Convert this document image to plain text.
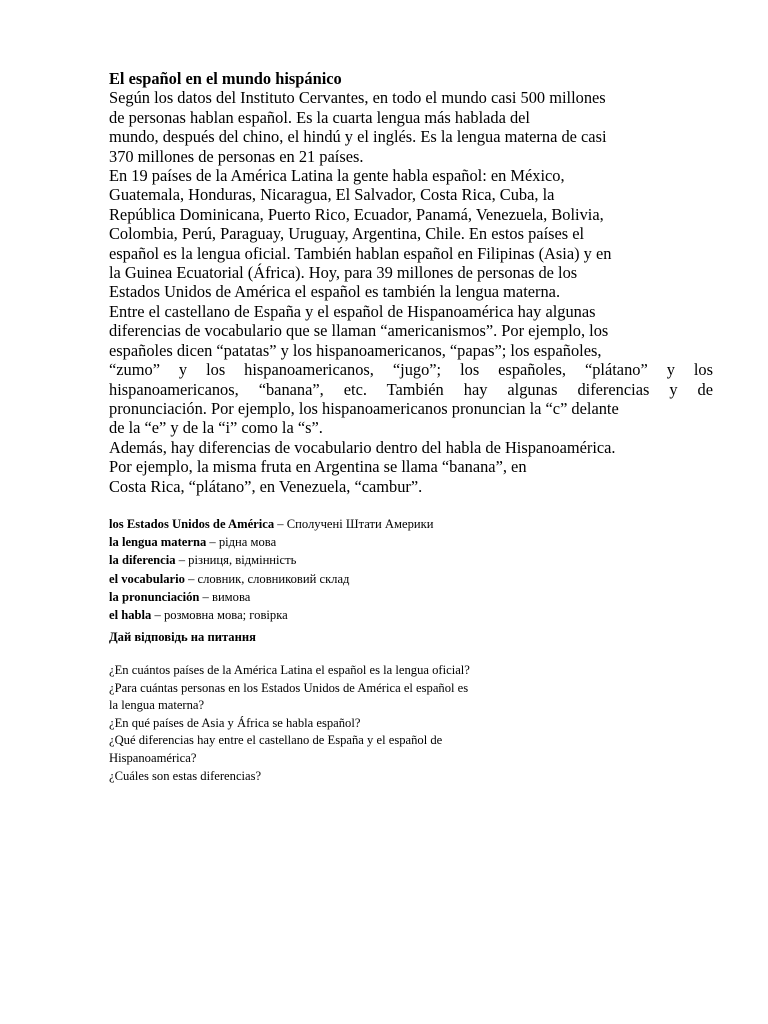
El español en el mundo hispánico

Según los datos del Instituto Cervantes, en todo el mundo casi 500 millones
de personas hablan español. Es la cuarta lengua más hablada del
mundo, después del chino, el hindú y el inglés. Es la lengua materna de casi
370 millones de personas en 21 países.
En 19 países de la América Latina la gente habla español: en México,
Guatemala, Honduras, Nicaragua, El Salvador, Costa Rica, Cuba, la
República Dominicana, Puerto Rico, Ecuador, Panamá, Venezuela, Bolivia,
Colombia, Perú, Paraguay, Uruguay, Argentina, Chile. En estos países el
español es la lengua oficial. También hablan español en Filipinas (Asia) y en
la Guinea Ecuatorial (África). Hoy, para 39 millones de personas de los
Estados Unidos de América el español es también la lengua materna.
Entre el castellano de España y el español de Hispanoamérica hay algunas
diferencias de vocabulario que se llaman “americanismos”. Por ejemplo, los
españoles dicen “patatas” y los hispanoamericanos, “papas”; los españoles,
“zumo” y los hispanoamericanos, “jugo”; los españoles, “plátano” y los
hispanoamericanos, “banana”, etc. También hay algunas diferencias y de
pronunciación. Por ejemplo, los hispanoamericanos pronuncian la “c” delante
de la “e” y de la “i” como la “s”.
Además, hay diferencias de vocabulario dentro del habla de Hispanoamérica.
Por ejemplo, la misma fruta en Argentina se llama “banana”, en
Costa Rica, “plátano”, en Venezuela, “cambur”.

los Estados Unidos de América – Сполучені Штати Америки
la lengua materna – рідна мова
la diferencia – різниця, відмінність
el vocabulario – словник, словниковий склад
la pronunciación – вимова
el habla – розмовна мова; говірка
Дай відповідь на питання
¿En cuántos países de la América Latina el español es la lengua oficial?
¿Para cuántas personas en los Estados Unidos de América el español es
la lengua materna?
¿En qué países de Asia y África se habla español?
¿Qué diferencias hay entre el castellano de España y el español de
Hispanoamérica?
¿Cuáles son estas diferencias?
